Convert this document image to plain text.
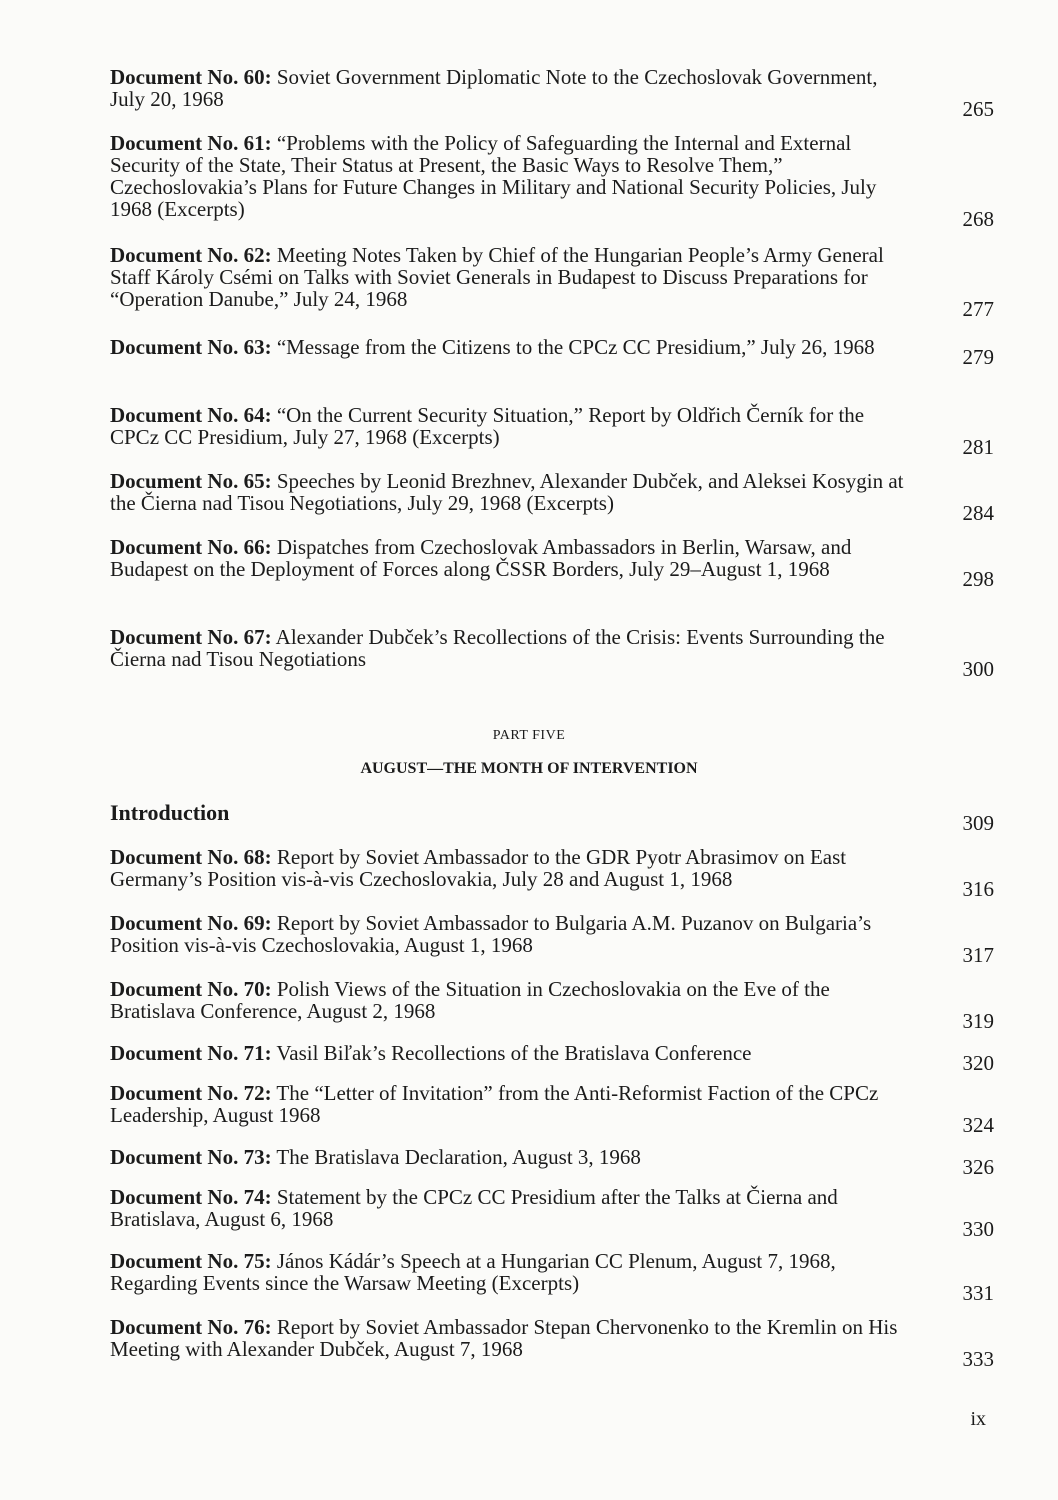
Document No. 60: Soviet Government Diplomatic Note to the Czechoslovak Government, July 20, 1968	265
Document No. 61: “Problems with the Policy of Safeguarding the Internal and External Security of the State, Their Status at Present, the Basic Ways to Resolve Them,” Czechoslovakia’s Plans for Future Changes in Military and National Security Policies, July 1968 (Excerpts)	268
Document No. 62: Meeting Notes Taken by Chief of the Hungarian People’s Army General Staff Károly Csémi on Talks with Soviet Generals in Budapest to Discuss Preparations for “Operation Danube,” July 24, 1968	277
Document No. 63: “Message from the Citizens to the CPCz CC Presidium,” July 26, 1968	279
Document No. 64: “On the Current Security Situation,” Report by Oldřich Černík for the CPCz CC Presidium, July 27, 1968 (Excerpts)	281
Document No. 65: Speeches by Leonid Brezhnev, Alexander Dubček, and Aleksei Kosygin at the Čierna nad Tisou Negotiations, July 29, 1968 (Excerpts)	284
Document No. 66: Dispatches from Czechoslovak Ambassadors in Berlin, Warsaw, and Budapest on the Deployment of Forces along ČSSR Borders, July 29–August 1, 1968	298
Document No. 67: Alexander Dubček’s Recollections of the Crisis: Events Surrounding the Čierna nad Tisou Negotiations	300
PART FIVE
AUGUST—THE MONTH OF INTERVENTION
Introduction	309
Document No. 68: Report by Soviet Ambassador to the GDR Pyotr Abrasimov on East Germany’s Position vis-à-vis Czechoslovakia, July 28 and August 1, 1968	316
Document No. 69: Report by Soviet Ambassador to Bulgaria A.M. Puzanov on Bulgaria’s Position vis-à-vis Czechoslovakia, August 1, 1968	317
Document No. 70: Polish Views of the Situation in Czechoslovakia on the Eve of the Bratislava Conference, August 2, 1968	319
Document No. 71: Vasil Biľak’s Recollections of the Bratislava Conference	320
Document No. 72: The “Letter of Invitation” from the Anti-Reformist Faction of the CPCz Leadership, August 1968	324
Document No. 73: The Bratislava Declaration, August 3, 1968	326
Document No. 74: Statement by the CPCz CC Presidium after the Talks at Čierna and Bratislava, August 6, 1968	330
Document No. 75: János Kádár’s Speech at a Hungarian CC Plenum, August 7, 1968, Regarding Events since the Warsaw Meeting (Excerpts)	331
Document No. 76: Report by Soviet Ambassador Stepan Chervonenko to the Kremlin on His Meeting with Alexander Dubček, August 7, 1968	333
ix
